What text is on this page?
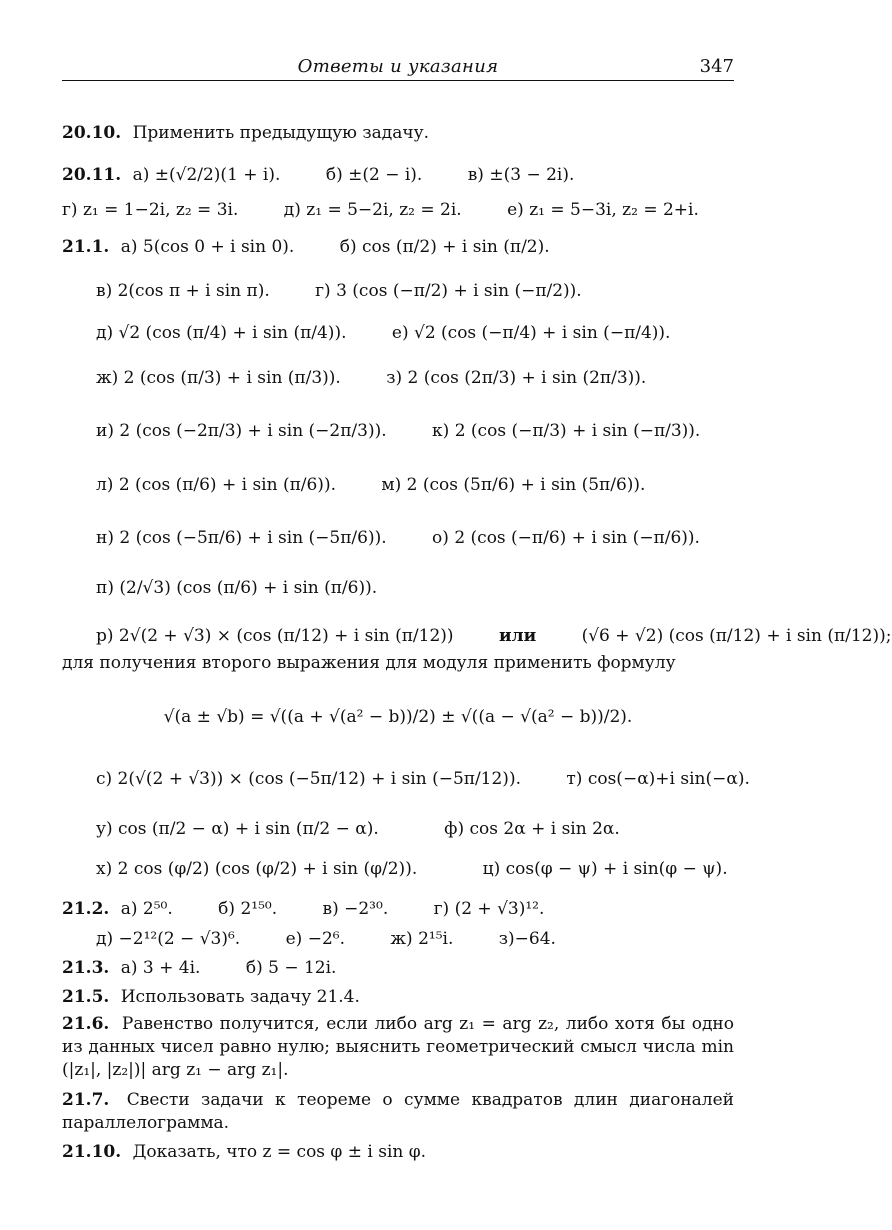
Ответы и указания	347
20.10. Применить предыдущую задачу.
20.11. а) ±(√2/2)(1 + i).	б) ±(2 − i).	в) ±(3 − 2i).
г) z₁ = 1−2i, z₂ = 3i.	д) z₁ = 5−2i, z₂ = 2i.	е) z₁ = 5−3i, z₂ = 2+i.
21.1. а) 5(cos 0 + i sin 0).	б) cos (π/2) + i sin (π/2).
в) 2(cos π + i sin π).	г) 3 (cos (−π/2) + i sin (−π/2)).
д) √2 (cos (π/4) + i sin (π/4)).	е) √2 (cos (−π/4) + i sin (−π/4)).
ж) 2 (cos (π/3) + i sin (π/3)).	з) 2 (cos (2π/3) + i sin (2π/3)).
и) 2 (cos (−2π/3) + i sin (−2π/3)).	к) 2 (cos (−π/3) + i sin (−π/3)).
л) 2 (cos (π/6) + i sin (π/6)).	м) 2 (cos (5π/6) + i sin (5π/6)).
н) 2 (cos (−5π/6) + i sin (−5π/6)).	о) 2 (cos (−π/6) + i sin (−π/6)).
п) (2/√3) (cos (π/6) + i sin (π/6)).
р) 2√(2 + √3) × (cos (π/12) + i sin (π/12))	или	(√6 + √2) (cos (π/12) + i sin (π/12));
для получения второго выражения для модуля применить формулу
√(a ± √b) = √((a + √(a² − b))/2) ± √((a − √(a² − b))/2).
с) 2(√(2 + √3)) × (cos (−5π/12) + i sin (−5π/12)).	т) cos(−α)+i sin(−α).
у) cos (π/2 − α) + i sin (π/2 − α).	ф) cos 2α + i sin 2α.
х) 2 cos (φ/2) (cos (φ/2) + i sin (φ/2)).	ц) cos(φ − ψ) + i sin(φ − ψ).
21.2. а) 2⁵⁰.	б) 2¹⁵⁰.	в) −2³⁰.	г) (2 + √3)¹².
д) −2¹²(2 − √3)⁶.	е) −2⁶.	ж) 2¹⁵i.	з)−64.
21.3. а) 3 + 4i.	б) 5 − 12i.
21.5. Использовать задачу 21.4.
21.6. Равенство получится, если либо arg z₁ = arg z₂, либо хотя бы одно из данных чисел равно нулю; выяснить геометрический смысл числа min (|z₁|, |z₂|)| arg z₁ − arg z₁|.
21.7. Свести задачи к теореме о сумме квадратов длин диагоналей параллелограмма.
21.10. Доказать, что z = cos φ ± i sin φ.
